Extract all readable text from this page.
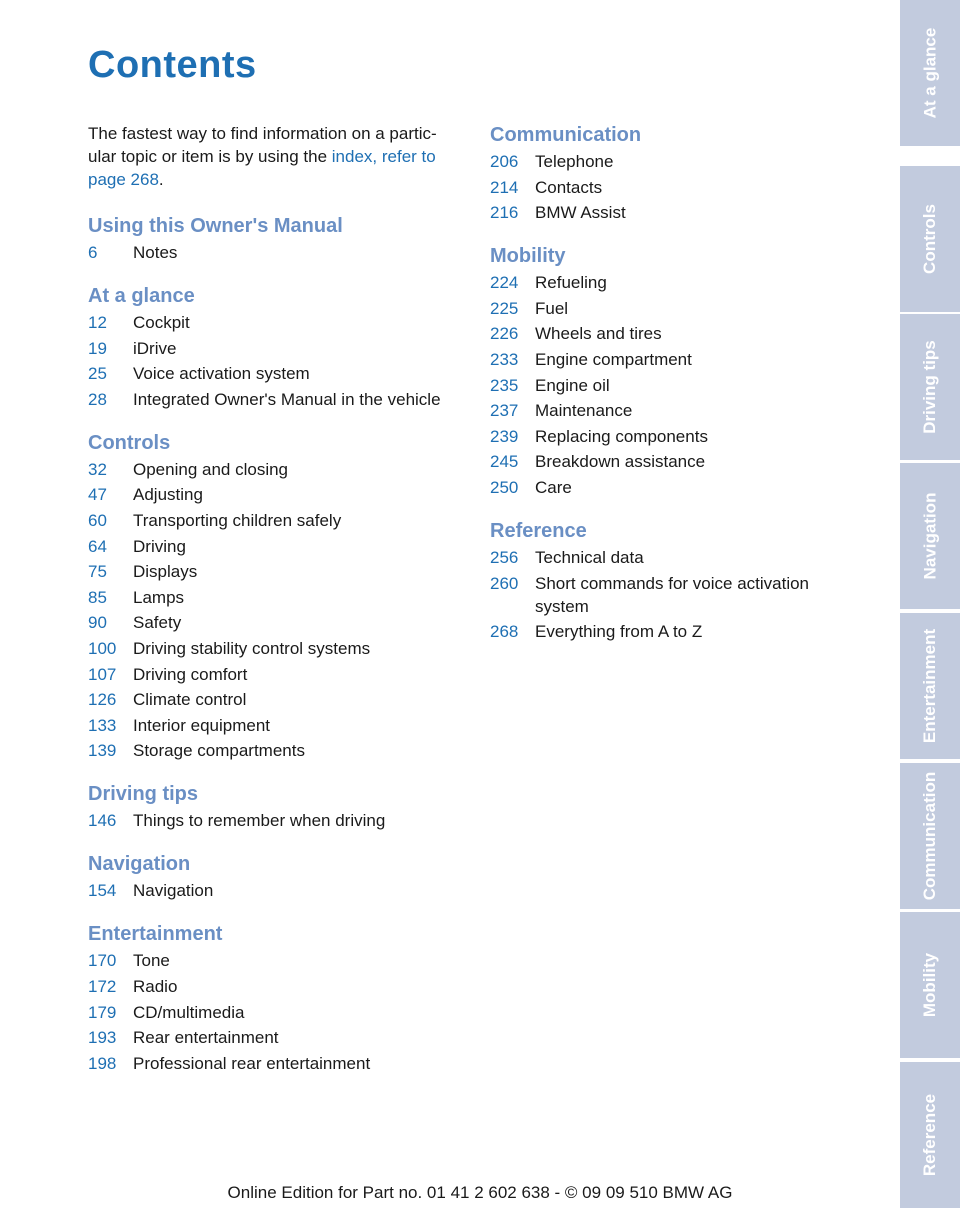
Contents

The fastest way to find information on a partic-ular topic or item is by using the index, refer to page 268.

Using this Owner's Manual
6	Notes
At a glance
12	Cockpit
19	iDrive
25	Voice activation system
28	Integrated Owner's Manual in the vehicle
Controls
32	Opening and closing
47	Adjusting
60	Transporting children safely
64	Driving
75	Displays
85	Lamps
90	Safety
100 Driving stability control systems
107 Driving comfort
126 Climate control
133 Interior equipment
139 Storage compartments
Driving tips
146 Things to remember when driving
Navigation
154 Navigation
Entertainment
170 Tone
172 Radio
179 CD/multimedia
193 Rear entertainment
198 Professional rear entertainment
Communication
206 Telephone
214 Contacts
216 BMW Assist
Mobility
224 Refueling
225 Fuel
226 Wheels and tires
233 Engine compartment
235 Engine oil
237 Maintenance
239 Replacing components
245 Breakdown assistance
250 Care
Reference
256 Technical data
260 Short commands for voice activation system
268 Everything from A to Z
At a glance
Controls
Driving tips
Navigation
Entertainment
Communication
Mobility
Reference
Online Edition for Part no. 01 41 2 602 638 - © 09 09 510 BMW AG
